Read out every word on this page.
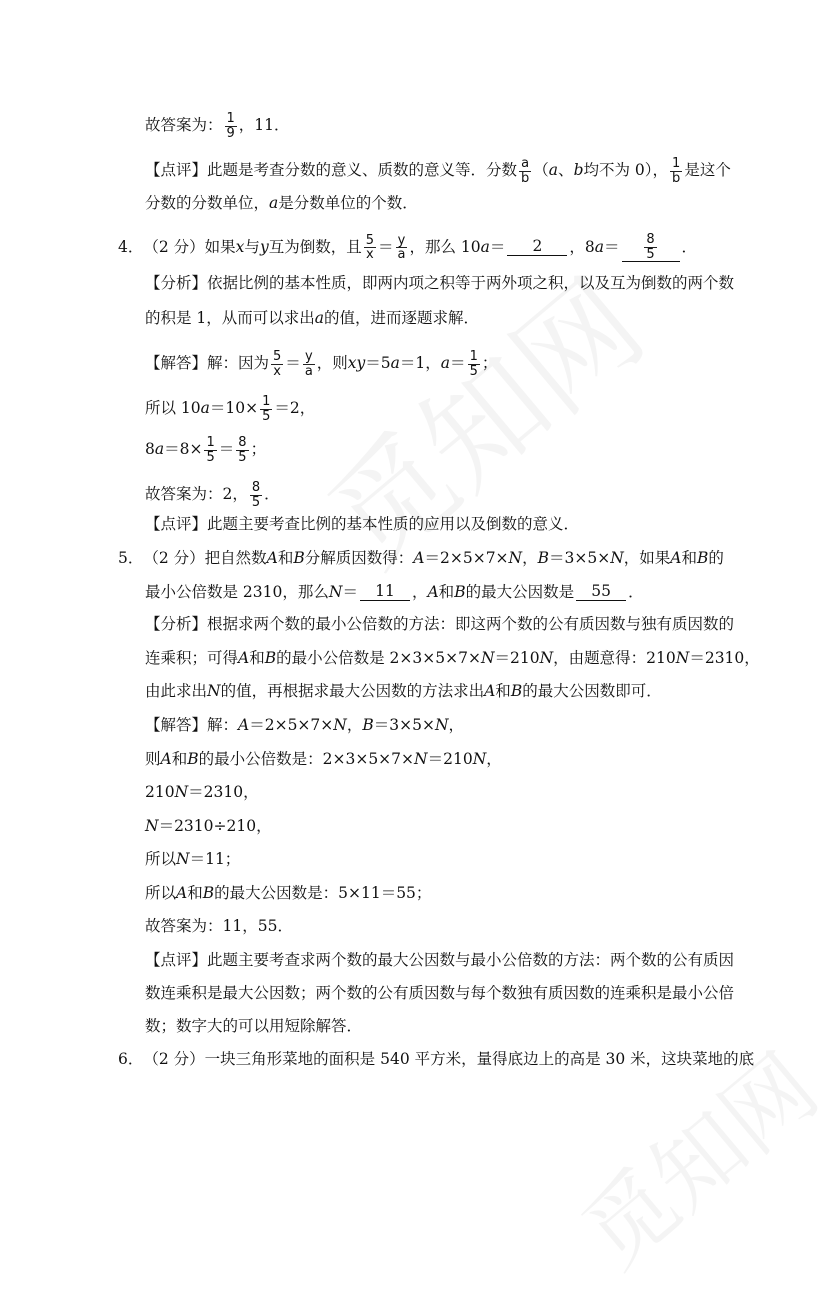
故答案为： $\frac{1}{9}$ ，11．
【点评】此题是考查分数的意义、质数的意义等．分数 $\frac{a}{b}$ （ a 、 b 均不为 0）， $\frac{1}{b}$ 是这个
分数的分数单位， a 是分数单位的个数．
4． （2 分）如果 x 与 y 互为倒数，且 $\frac{5}{x} = \frac{y}{a}$ ，那么 10 a ＝	2	，8 $a = \frac{8}{5}$ ．
【分析】依据比例的基本性质，即两内项之积等于两外项之积，以及互为倒数的两个数
的积是 1，从而可以求出 a 的值，进而逐题求解．
【解答】解：因为 $\frac{5}{x} = \frac{y}{a}$ ，则 xy ＝5 a ＝1， $a = \frac{1}{5}$ ；
所以 10 $a =10\times \frac{1}{5} =2$，
8 $a =8\times \frac{1}{5} = \frac{8}{5}$ ；
故答案为：2， $\frac{8}{5}$ ．
【点评】此题主要考查比例的基本性质的应用以及倒数的意义．
5． （2 分）把自然数 A 和 B 分解质因数得： A ＝2×5×7× N ， B ＝3×5× N ，如果 A 和 B 的
最小公倍数是 2310，那么 N ＝	11	， A 和 B 的最大公因数是	55	．
【分析】根据求两个数的最小公倍数的方法：即这两个数的公有质因数与独有质因数的
连乘积；可得 A 和 B 的最小公倍数是 2×3×5×7× N ＝210 N ，由题意得：210 N ＝2310，
由此求出 N 的值，再根据求最大公因数的方法求出 A 和 B 的最大公因数即可．
【解答】解： A ＝2×5×7× N ， B ＝3×5× N ，
则 A 和 B 的最小公倍数是：2×3×5×7× N ＝210 N ，
210 N ＝2310，
N ＝2310÷210，
所以 N ＝11；
所以 A 和 B 的最大公因数是：5×11＝55；
故答案为：11，55．
【点评】此题主要考查求两个数的最大公因数与最小公倍数的方法：两个数的公有质因
数连乘积是最大公因数；两个数的公有质因数与每个数独有质因数的连乘积是最小公倍
数；数字大的可以用短除解答．
6． （2 分）一块三角形菜地的面积是 540 平方米，量得底边上的高是 30 米，这块菜地的底
